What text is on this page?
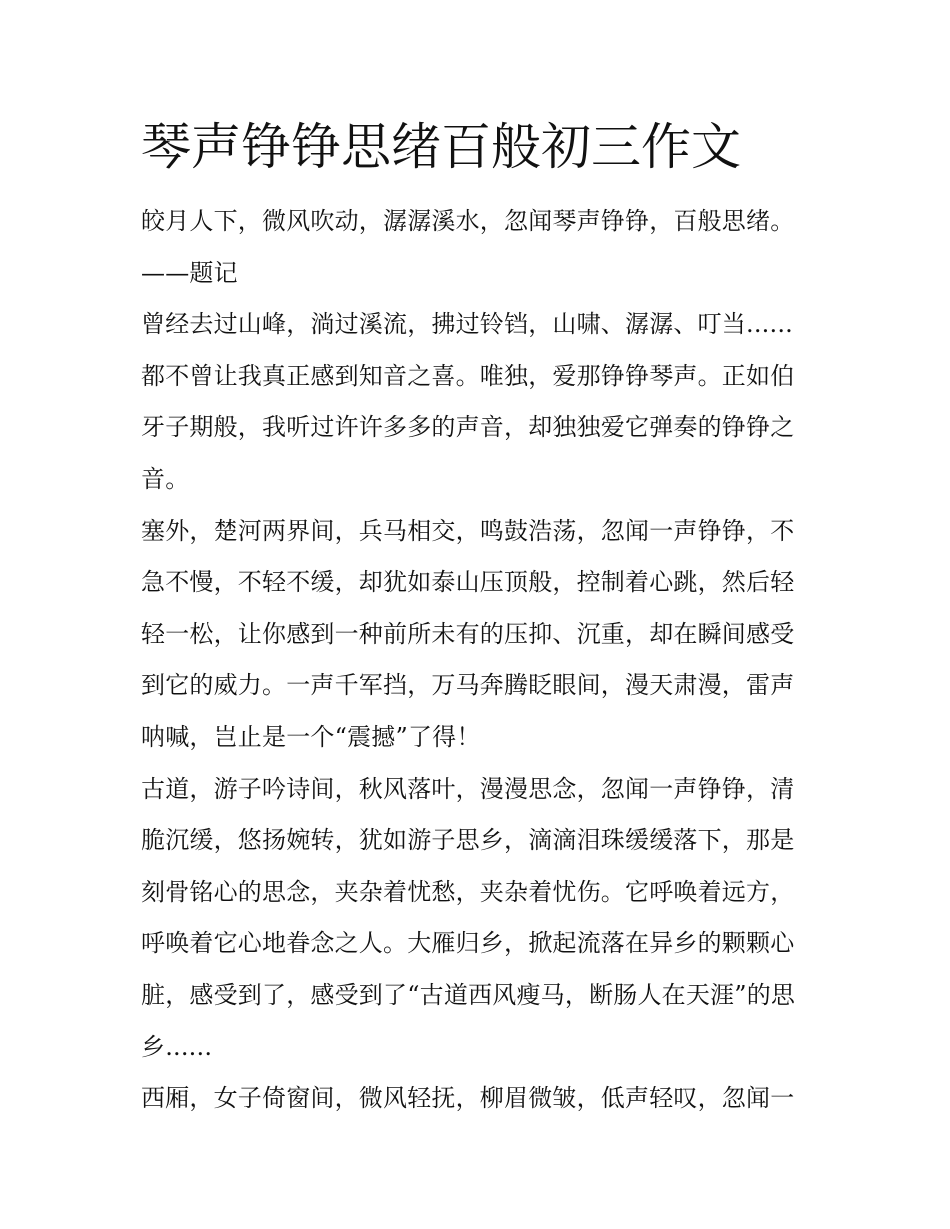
琴声铮铮思绪百般初三作文
皎月人下，微风吹动，潺潺溪水，忽闻琴声铮铮，百般思绪。
——题记
曾经去过山峰，淌过溪流，拂过铃铛，山啸、潺潺、叮当......
都不曾让我真正感到知音之喜。唯独，爱那铮铮琴声。正如伯
牙子期般，我听过许许多多的声音，却独独爱它弹奏的铮铮之
音。
塞外，楚河两界间，兵马相交，鸣鼓浩荡，忽闻一声铮铮，不
急不慢，不轻不缓，却犹如泰山压顶般，控制着心跳，然后轻
轻一松，让你感到一种前所未有的压抑、沉重，却在瞬间感受
到它的威力。一声千军挡，万马奔腾眨眼间，漫天肃漫，雷声
呐喊，岂止是一个“震撼”了得！
古道，游子吟诗间，秋风落叶，漫漫思念，忽闻一声铮铮，清
脆沉缓，悠扬婉转，犹如游子思乡，滴滴泪珠缓缓落下，那是
刻骨铭心的思念，夹杂着忧愁，夹杂着忧伤。它呼唤着远方，
呼唤着它心地眷念之人。大雁归乡，掀起流落在异乡的颗颗心
脏，感受到了，感受到了“古道西风瘦马，断肠人在天涯”的思
乡......
西厢，女子倚窗间，微风轻抚，柳眉微皱，低声轻叹，忽闻一
